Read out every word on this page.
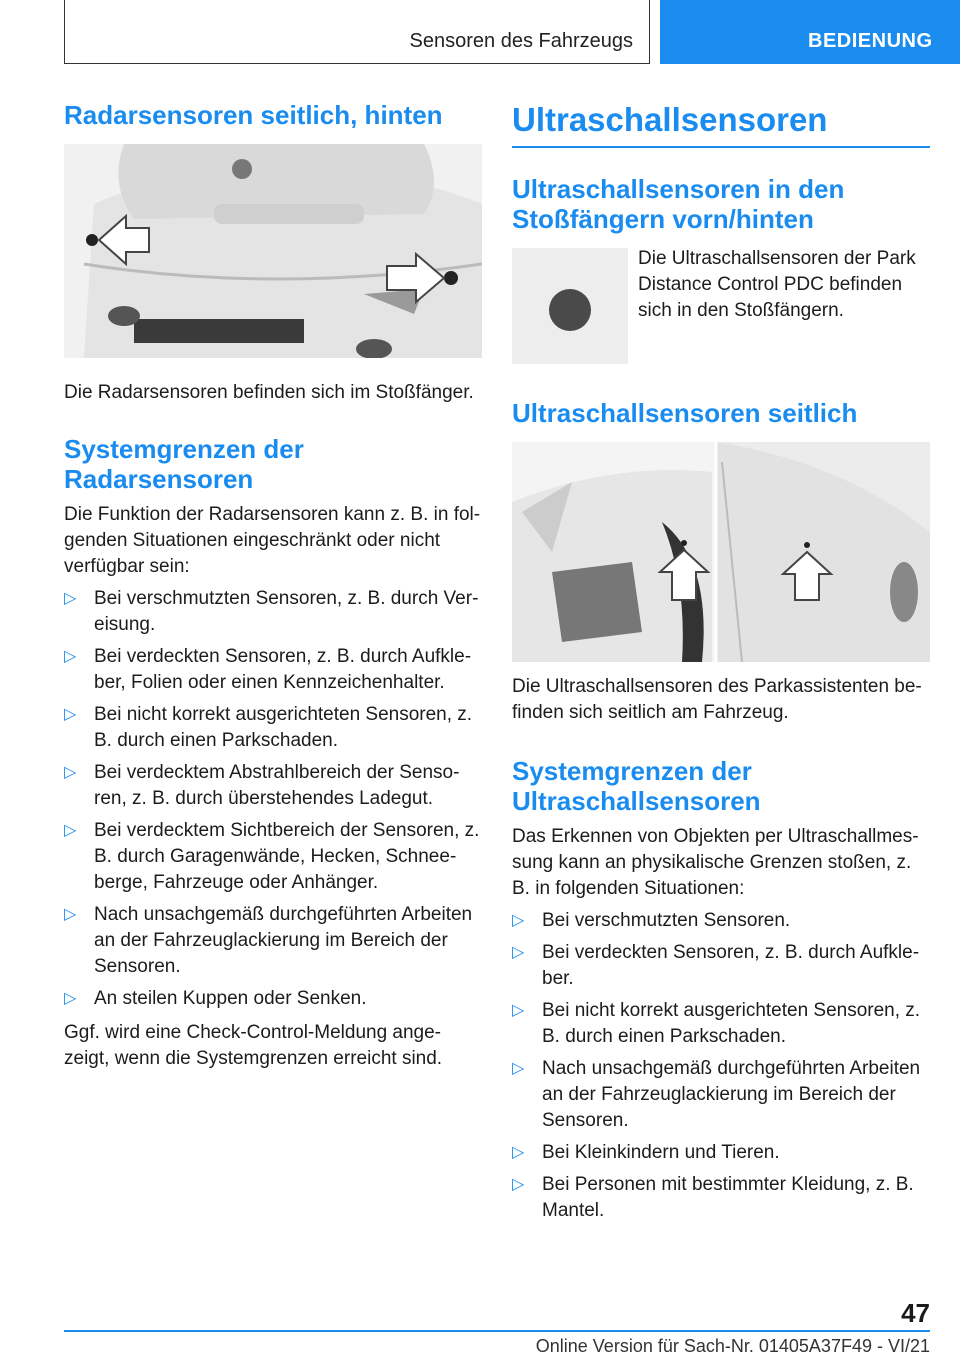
Sensoren des Fahrzeugs	BEDIENUNG
Radarsensoren seitlich, hinten
Die Radarsensoren befinden sich im Stoßfänger.
Systemgrenzen der Radarsensoren
Die Funktion der Radarsensoren kann z. B. in fol-genden Situationen eingeschränkt oder nicht verfügbar sein:
▷ Bei verschmutzten Sensoren, z. B. durch Ver-eisung.
▷ Bei verdeckten Sensoren, z. B. durch Aufkle-ber, Folien oder einen Kennzeichenhalter.
▷ Bei nicht korrekt ausgerichteten Sensoren, z. B. durch einen Parkschaden.
▷ Bei verdecktem Abstrahlbereich der Senso-ren, z. B. durch überstehendes Ladegut.
▷ Bei verdecktem Sichtbereich der Sensoren, z. B. durch Garagenwände, Hecken, Schnee-berge, Fahrzeuge oder Anhänger.
▷ Nach unsachgemäß durchgeführten Arbeiten an der Fahrzeuglackierung im Bereich der Sensoren.
▷ An steilen Kuppen oder Senken.
Ggf. wird eine Check-Control-Meldung ange-zeigt, wenn die Systemgrenzen erreicht sind.
Ultraschallsensoren
Ultraschallsensoren in den Stoßfängern vorn/hinten
Die Ultraschallsensoren der Park Distance Control PDC befinden sich in den Stoßfängern.
Ultraschallsensoren seitlich
Die Ultraschallsensoren des Parkassistenten be-finden sich seitlich am Fahrzeug.
Systemgrenzen der Ultraschallsensoren
Das Erkennen von Objekten per Ultraschallmes-sung kann an physikalische Grenzen stoßen, z. B. in folgenden Situationen:
▷ Bei verschmutzten Sensoren.
▷ Bei verdeckten Sensoren, z. B. durch Aufkle-ber.
▷ Bei nicht korrekt ausgerichteten Sensoren, z. B. durch einen Parkschaden.
▷ Nach unsachgemäß durchgeführten Arbeiten an der Fahrzeuglackierung im Bereich der Sensoren.
▷ Bei Kleinkindern und Tieren.
▷ Bei Personen mit bestimmter Kleidung, z. B. Mantel.
47
Online Version für Sach-Nr. 01405A37F49 - VI/21
